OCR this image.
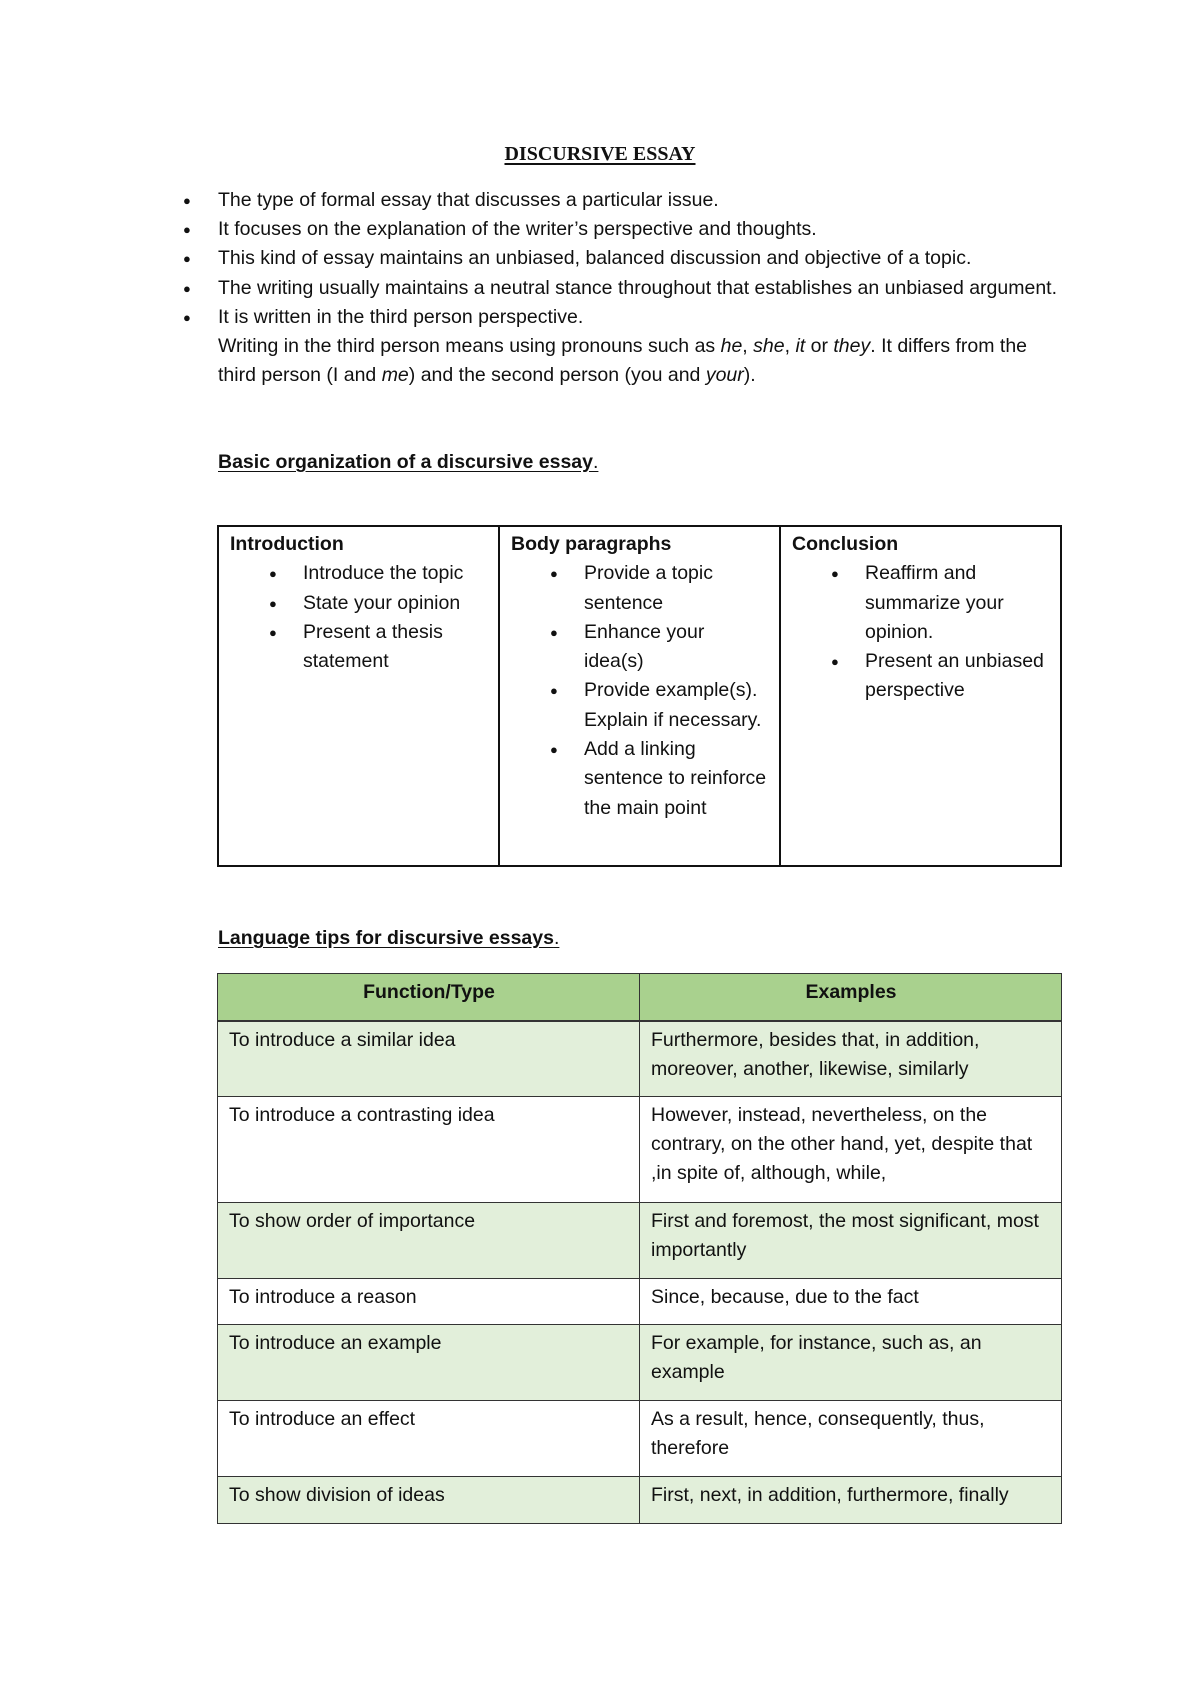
DISCURSIVE ESSAY
● The type of formal essay that discusses a particular issue.
● It focuses on the explanation of the writer’s perspective and thoughts.
● This kind of essay maintains an unbiased, balanced discussion and objective of a topic.
● The writing usually maintains a neutral stance throughout that establishes an unbiased argument.
● It is written in the third person perspective.
Writing in the third person means using pronouns such as he, she, it or they. It differs from the third person (I and me) and the second person (you and your).
Basic organization of a discursive essay.
Introduction
● Introduce the topic
● State your opinion
● Present a thesis statement

Body paragraphs
● Provide a topic sentence
● Enhance your idea(s)
● Provide example(s). Explain if necessary.
● Add a linking sentence to reinforce the main point

Conclusion
● Reaffirm and summarize your opinion.
● Present an unbiased perspective
Language tips for discursive essays.
Function/Type	Examples
To introduce a similar idea	Furthermore, besides that, in addition, moreover, another, likewise, similarly
To introduce a contrasting idea	However, instead, nevertheless, on the contrary, on the other hand, yet, despite that ,in spite of, although, while,
To show order of importance	First and foremost, the most significant, most importantly
To introduce a reason	Since, because, due to the fact
To introduce an example	For example, for instance, such as, an example
To introduce an effect	As a result, hence, consequently, thus, therefore
To show division of ideas	First, next, in addition, furthermore, finally
